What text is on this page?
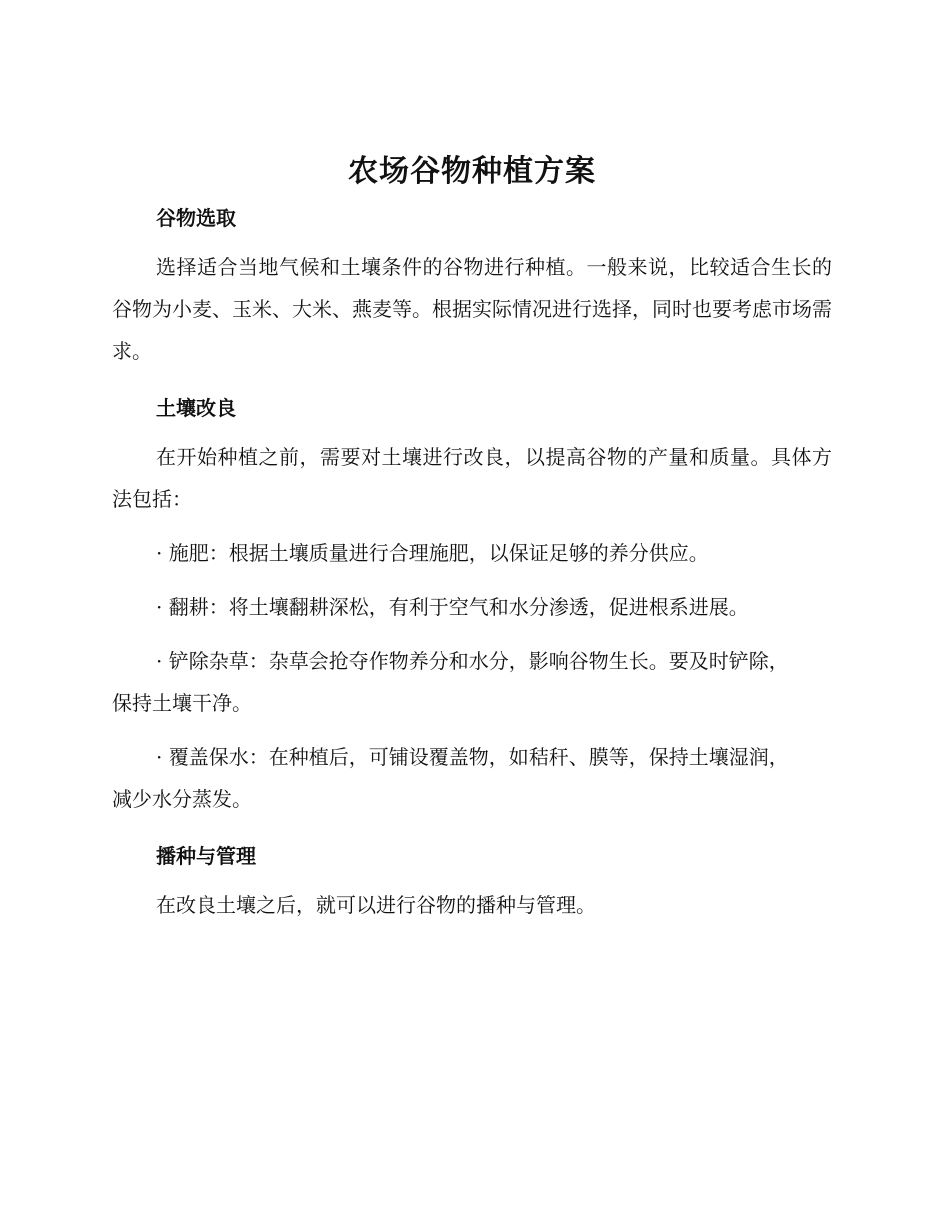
农场谷物种植方案
谷物选取

选择适合当地气候和土壤条件的谷物进行种植。一般来说，比较适合生长的谷物为小麦、玉米、大米、燕麦等。根据实际情况进行选择，同时也要考虑市场需求。

土壤改良

在开始种植之前，需要对土壤进行改良，以提高谷物的产量和质量。具体方法包括：

· 施肥：根据土壤质量进行合理施肥，以保证足够的养分供应。

· 翻耕：将土壤翻耕深松，有利于空气和水分渗透，促进根系进展。

· 铲除杂草：杂草会抢夺作物养分和水分，影响谷物生长。要及时铲除，保持土壤干净。

· 覆盖保水：在种植后，可铺设覆盖物，如秸秆、膜等，保持土壤湿润，减少水分蒸发。

播种与管理

在改良土壤之后，就可以进行谷物的播种与管理。
